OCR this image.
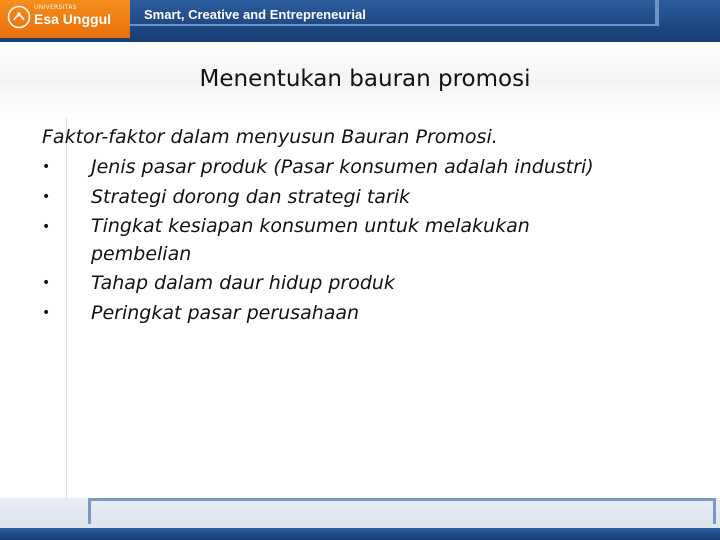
UNIVERSITAS
Esa Unggul	Smart, Creative and Entrepreneurial
Menentukan bauran promosi
Faktor-faktor dalam menyusun Bauran Promosi.
• Jenis pasar produk (Pasar konsumen adalah industri)
• Strategi dorong dan strategi tarik
• Tingkat kesiapan konsumen untuk melakukan pembelian
• Tahap dalam daur hidup produk
• Peringkat pasar perusahaan
